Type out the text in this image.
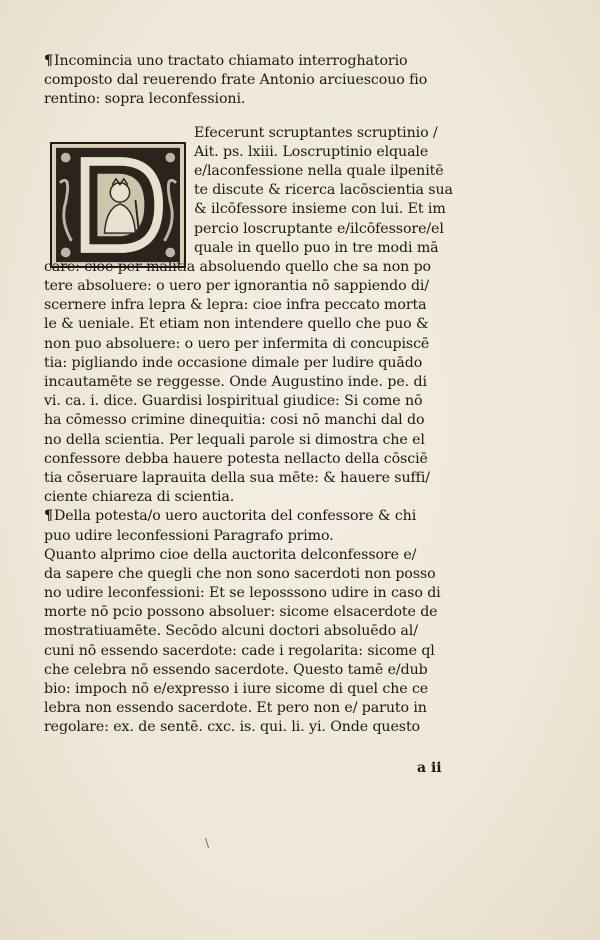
¶Incomincia uno tractato chiamato interroghatorio
composto dal reuerendo frate Antonio arciuescouo fio
rentino: sopra leconfessioni.
Efecerunt scruptantes scruptinio /
Ait. ps. lxiii. Loscruptinio elquale
e/laconfessione nella quale ilpenitē
te discute & ricerca lacōscientia sua
& ilcōfessore insieme con lui. Et im
percio loscruptante e/ilcōfessore/el
quale in quello puo in tre modi mā
care: cioe per malitia absoluendo quello che sa non po
tere absoluere: o uero per ignorantia nō sappiendo di/
scernere infra lepra & lepra: cioe infra peccato morta
le & ueniale. Et etiam non intendere quello che puo &
non puo absoluere: o uero per infermita di concupiscē
tia: pigliando inde occasione dimale per ludire quādo
incautamēte se reggesse. Onde Augustino inde. pe. di
vi. ca. i. dice. Guardisi lospiritual giudice: Si come nō
ha cōmesso crimine dinequitia: cosi nō manchi dal do
no della scientia. Per lequali parole si dimostra che el
confessore debba hauere potesta nellacto della cōsciē
tia cōseruare laprauita della sua mēte: & hauere suffi/
ciente chiareza di scientia.
¶Della potesta/o uero auctorita del confessore & chi
puo udire leconfessioni Paragrafo primo.
Quanto alprimo cioe della auctorita delconfessore e/
da sapere che quegli che non sono sacerdoti non posso
no udire leconfessioni: Et se leposssono udire in caso di
morte nō pcio possono absoluer: sicome elsacerdote de
mostratiuamēte. Secōdo alcuni doctori absoluēdo al/
cuni nō essendo sacerdote: cade i regolarita: sicome ql
che celebra nō essendo sacerdote. Questo tamē e/dub
bio: impoch nō e/expresso i iure sicome di quel che ce
lebra non essendo sacerdote. Et pero non e/ paruto in
regolare: ex. de sentē. cxc. is. qui. li. yi. Onde questo
a ii
\
